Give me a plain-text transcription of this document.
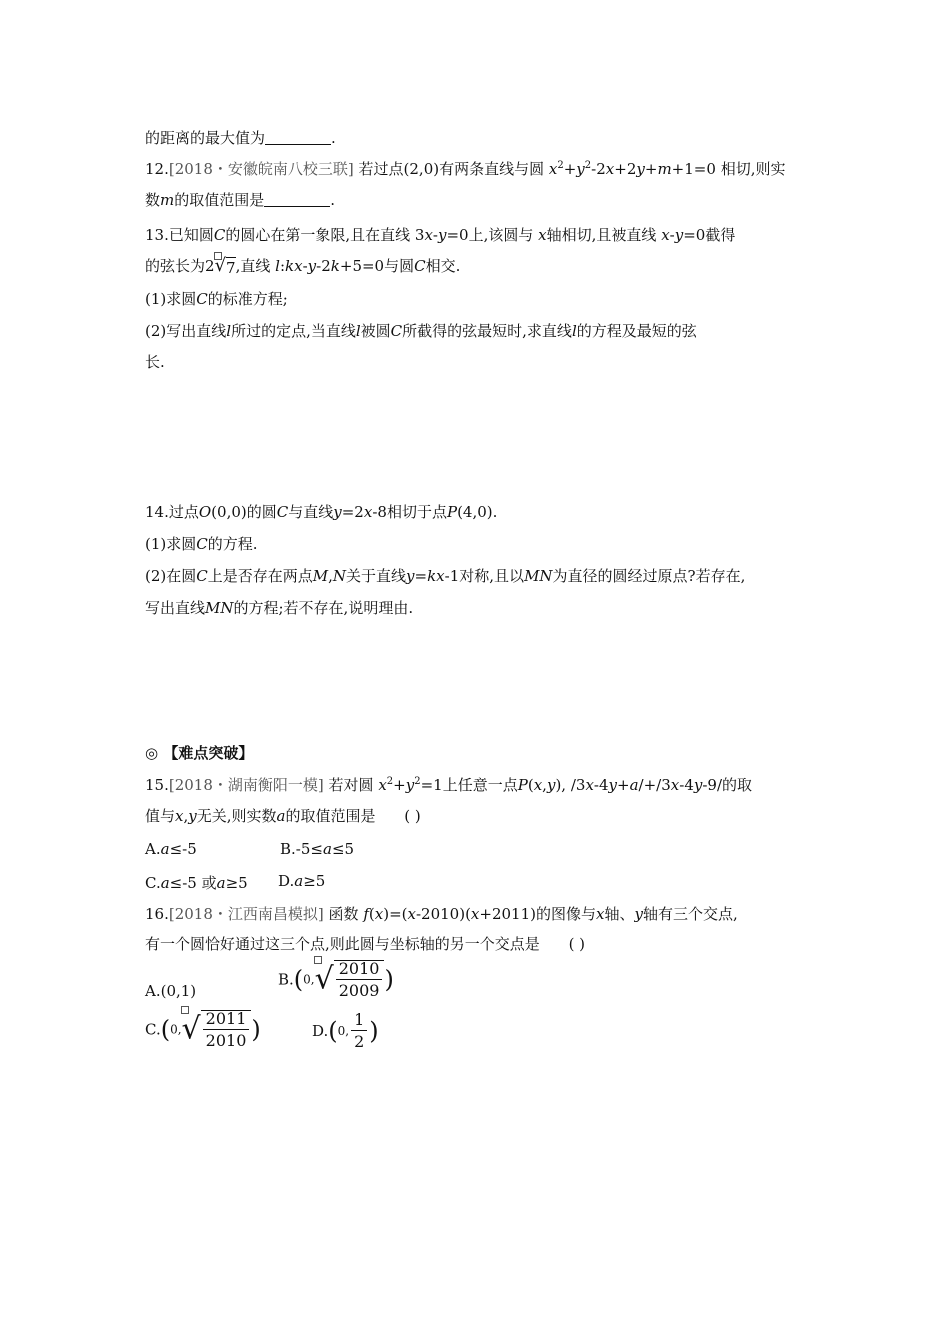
的距离的最大值为	.
12.[2018・安徽皖南八校三联] 若过点(2,0)有两条直线与圆 $x^2+y^2-2x+2y+m+1=0$ 相切,则实
数m的取值范围是	.
13.已知圆C的圆心在第一象限,且在直线 3x-y=0上,该圆与 x轴相切,且被直线 x-y=0截得
的弦长为2
√7,直线 l:kx-y-2k+5=0与圆C相交.
(1)求圆C的标准方程;
(2)写出直线l所过的定点,当直线l被圆C所截得的弦最短时,求直线l的方程及最短的弦
长.
14.过点O(0,0)的圆C与直线y=2x-8相切于点P(4,0).
(1)求圆C的方程.
(2)在圆C上是否存在两点M,N关于直线y=kx-1对称,且以MN为直径的圆经过原点?若存在,
写出直线MN的方程;若不存在,说明理由.
◎ 【难点突破】
15.[2018・湖南衡阳一模] 若对圆 $x^2+y^2=1$上任意一点P(x,y), /3x-4y+a/+/3x-4y-9/的取
值与x,y无关,则实数a的取值范围是 ( )
A.a≤-5	B.-5≤a≤5
C.a≤-5 或a≥5 D.a≥5
16.[2018・江西南昌模拟] 函数 f(x)=(x-2010)(x+2011)的图像与x轴、y轴有三个交点,
有一个圆恰好通过这三个点,则此圆与坐标轴的另一个交点是 ( )
A.(0,1)
B.(0,
√ $\frac{2010}{2009}$ )
C.(0,
√ $\frac{2011}{2010}$ )	D.(0, $\frac{1}{2}$ )
